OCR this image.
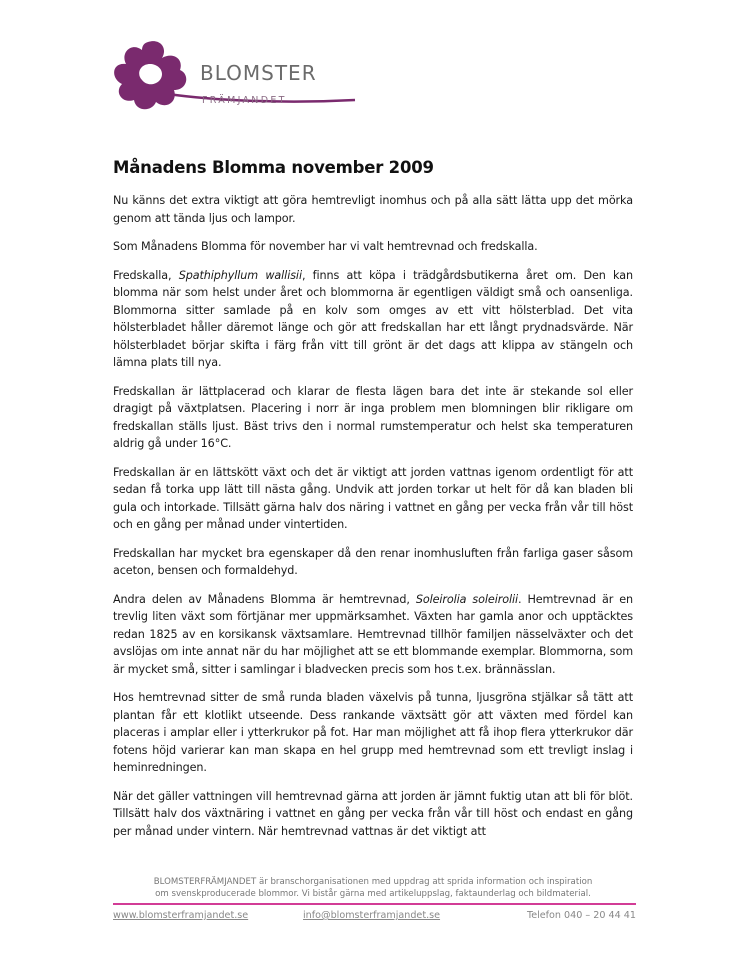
BLOMSTER
FRÄMJANDET
Månadens Blomma november 2009

Nu känns det extra viktigt att göra hemtrevligt inomhus och på alla sätt lätta upp det mörka genom att tända ljus och lampor.

Som Månadens Blomma för november har vi valt hemtrevnad och fredskalla.

Fredskalla, Spathiphyllum wallisii, finns att köpa i trädgårdsbutikerna året om. Den kan blomma när som helst under året och blommorna är egentligen väldigt små och oansenliga. Blommorna sitter samlade på en kolv som omges av ett vitt hölsterblad. Det vita hölsterbladet håller däremot länge och gör att fredskallan har ett långt prydnadsvärde. När hölsterbladet börjar skifta i färg från vitt till grönt är det dags att klippa av stängeln och lämna plats till nya.

Fredskallan är lättplacerad och klarar de flesta lägen bara det inte är stekande sol eller dragigt på växtplatsen. Placering i norr är inga problem men blomningen blir rikligare om fredskallan ställs ljust. Bäst trivs den i normal rumstemperatur och helst ska temperaturen aldrig gå under 16°C.

Fredskallan är en lättskött växt och det är viktigt att jorden vattnas igenom ordentligt för att sedan få torka upp lätt till nästa gång. Undvik att jorden torkar ut helt för då kan bladen bli gula och intorkade. Tillsätt gärna halv dos näring i vattnet en gång per vecka från vår till höst och en gång per månad under vintertiden.

Fredskallan har mycket bra egenskaper då den renar inomhusluften från farliga gaser såsom aceton, bensen och formaldehyd.

Andra delen av Månadens Blomma är hemtrevnad, Soleirolia soleirolii. Hemtrevnad är en trevlig liten växt som förtjänar mer uppmärksamhet. Växten har gamla anor och upptäcktes redan 1825 av en korsikansk växtsamlare. Hemtrevnad tillhör familjen nässelväxter och det avslöjas om inte annat när du har möjlighet att se ett blommande exemplar. Blommorna, som är mycket små, sitter i samlingar i bladvecken precis som hos t.ex. brännässlan.

Hos hemtrevnad sitter de små runda bladen växelvis på tunna, ljusgröna stjälkar så tätt att plantan får ett klotlikt utseende. Dess rankande växtsätt gör att växten med fördel kan placeras i amplar eller i ytterkrukor på fot. Har man möjlighet att få ihop flera ytterkrukor där fotens höjd varierar kan man skapa en hel grupp med hemtrevnad som ett trevligt inslag i heminredningen.

När det gäller vattningen vill hemtrevnad gärna att jorden är jämnt fuktig utan att bli för blöt. Tillsätt halv dos växtnäring i vattnet en gång per vecka från vår till höst och endast en gång per månad under vintern. När hemtrevnad vattnas är det viktigt att

BLOMSTERFRÄMJANDET är branschorganisationen med uppdrag att sprida information och inspiration
om svenskproducerade blommor. Vi bistår gärna med artikeluppslag, faktaunderlag och bildmaterial.
www.blomsterframjandet.se	info@blomsterframjandet.se	Telefon 040 – 20 44 41
